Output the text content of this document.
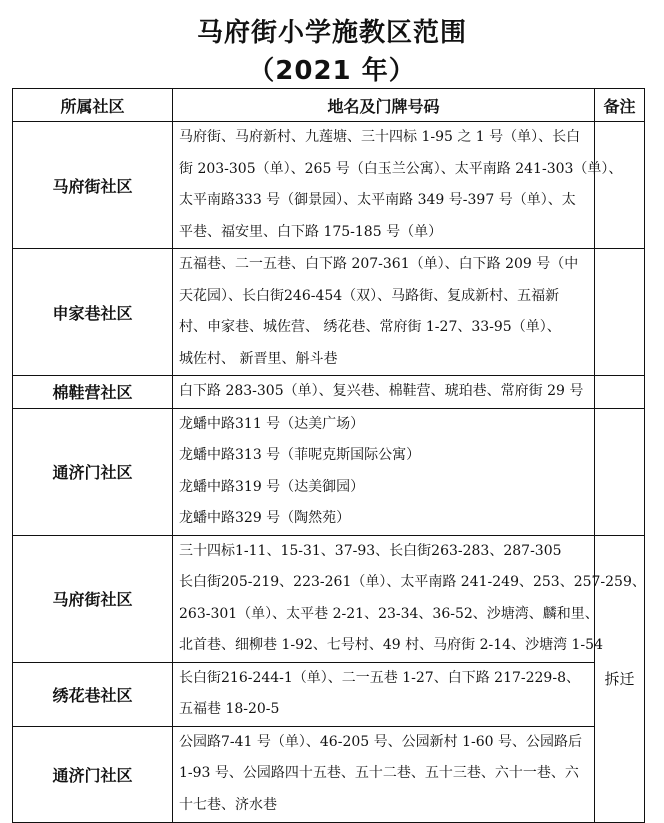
马府街小学施教区范围
（2021 年）
所属社区	地名及门牌号码	备注
马府街社区	马府街、马府新村、九莲塘、三十四标 1-95 之 1 号（单）、长白
街 203-305（单）、265 号（白玉兰公寓）、太平南路 241-303（单）、
太平南路333 号（御景园）、太平南路 349 号-397 号（单）、太
平巷、福安里、白下路 175-185 号（单）	

申家巷社区	五福巷、二一五巷、白下路 207-361（单）、白下路 209 号（中
天花园）、长白街246-454（双）、马路街、复成新村、五福新
村、申家巷、城佐营、 绣花巷、常府街 1-27、33-95（单）、
城佐村、 新晋里、斛斗巷	

棉鞋营社区	白下路 283-305（单）、复兴巷、棉鞋营、琥珀巷、常府街 29 号	

通济门社区	龙蟠中路311 号（达美广场）
龙蟠中路313 号（菲呢克斯国际公寓）
龙蟠中路319 号（达美御园）
龙蟠中路329 号（陶然苑）	

马府街社区	三十四标1-11、15-31、37-93、长白街263-283、287-305
长白街205-219、223-261（单）、太平南路 241-249、253、257-259、
263-301（单）、太平巷 2-21、23-34、36-52、沙塘湾、麟和里、
北首巷、细柳巷 1-92、七号村、49 村、马府街 2-14、沙塘湾 1-54	拆迁
绣花巷社区	长白街216-244-1（单）、二一五巷 1-27、白下路 217-229-8、
五福巷 18-20-5	

通济门社区	公园路7-41 号（单）、46-205 号、公园新村 1-60 号、公园路后
1-93 号、公园路四十五巷、五十二巷、五十三巷、六十一巷、六
十七巷、济水巷	
